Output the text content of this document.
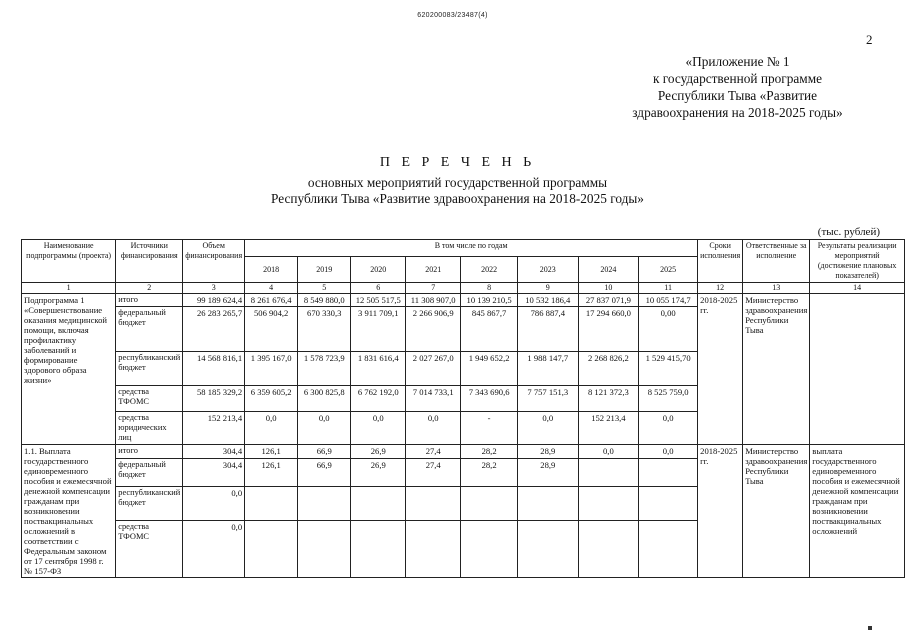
620200083/23487(4)
2
«Приложение № 1
к государственной программе
Республики Тыва «Развитие
здравоохранения на 2018-2025 годы»
П Е Р Е Ч Е Н Ь
основных мероприятий государственной программы
Республики Тыва «Развитие здравоохранения на 2018-2025 годы»
(тыс. рублей)
Наименование подпрограммы (проекта)	Источники финансирования	Объем финансирования	В том числе по годам								Сроки исполнения	Ответственные за исполнение	Результаты реализации мероприятий (достижение плановых показателей)
			2018	2019	2020	2021	2022	2023	2024	2025			
1	2	3	4	5	6	7	8	9	10	11	12	13	14
Подпрограмма 1 «Совершенствование оказания медицинской помощи, включая профилактику заболеваний и формирование здорового образа жизни»	итого	99 189 624,4	8 261 676,4	8 549 880,0	12 505 517,5	11 308 907,0	10 139 210,5	10 532 186,4	27 837 071,9	10 055 174,7	2018-2025 гг.	Министерство здравоохранения Республики Тыва	
	федеральный бюджет	26 283 265,7	506 904,2	670 330,3	3 911 709,1	2 266 906,9	845 867,7	786 887,4	17 294 660,0	0,00			
	республиканский бюджет	14 568 816,1	1 395 167,0	1 578 723,9	1 831 616,4	2 027 267,0	1 949 652,2	1 988 147,7	2 268 826,2	1 529 415,70			
	средства ТФОМС	58 185 329,2	6 359 605,2	6 300 825,8	6 762 192,0	7 014 733,1	7 343 690,6	7 757 151,3	8 121 372,3	8 525 759,0			
	средства юридических лиц	152 213,4	0,0	0,0	0,0	0,0	-	0,0	152 213,4	0,0			
1.1. Выплата государственного единовременного пособия и ежемесячной денежной компенсации гражданам при возникновении поствакцинальных осложнений в соответствии с Федеральным законом от 17 сентября 1998 г. № 157-ФЗ	итого	304,4	126,1	66,9	26,9	27,4	28,2	28,9	0,0	0,0	2018-2025 гг.	Министерство здравоохранения Республики Тыва	выплата государственного единовременного пособия и ежемесячной денежной компенсации гражданам при возникновении поствакцинальных осложнений
	федеральный бюджет	304,4	126,1	66,9	26,9	27,4	28,2	28,9					
	республиканский бюджет	0,0											
	средства ТФОМС	0,0											
